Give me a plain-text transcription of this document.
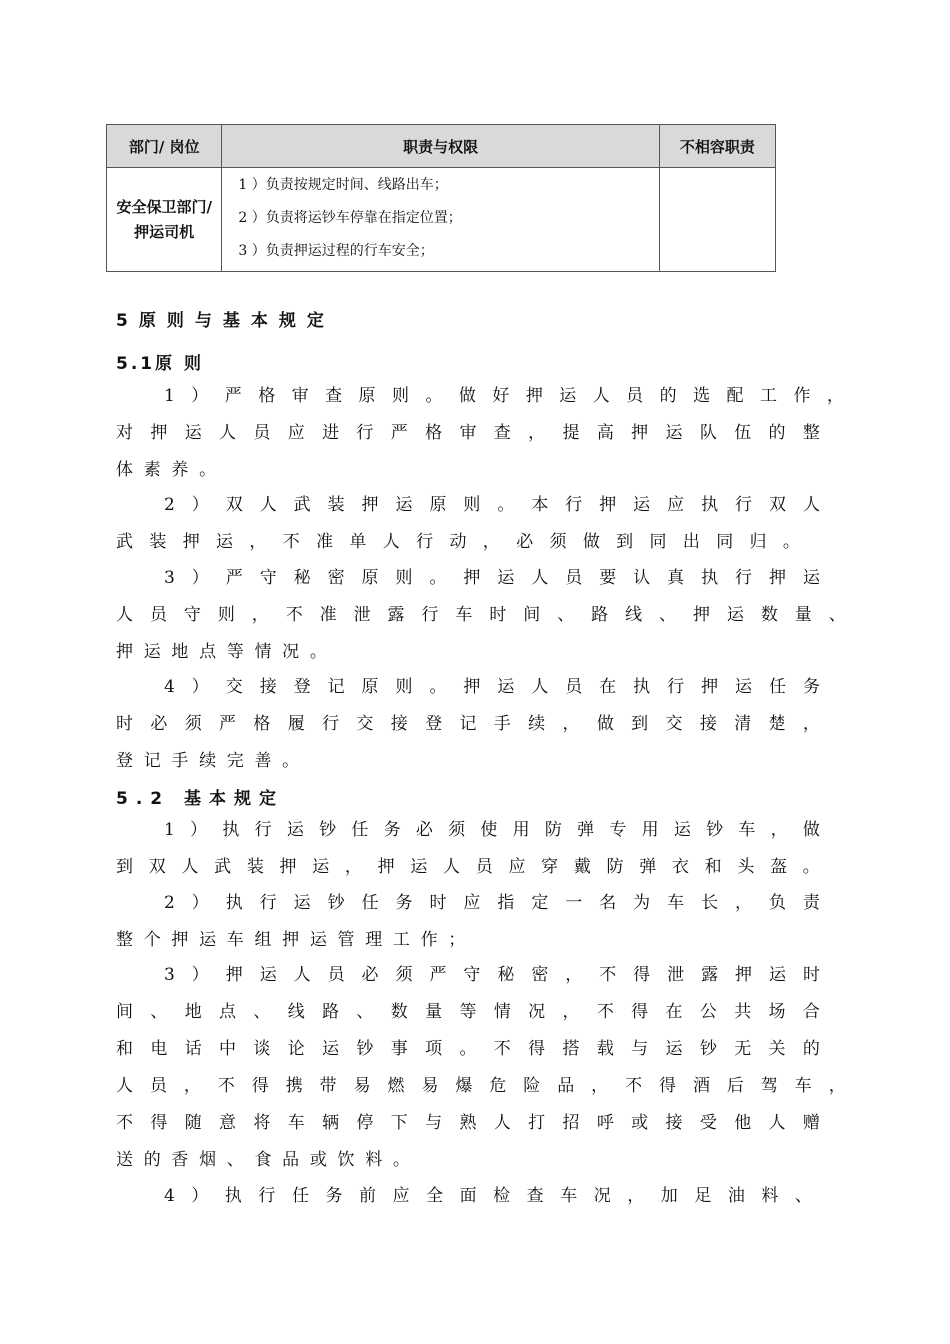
部门/ 岗位	职责与权限	不相容职责
安全保卫部门/ 押运司机	1 ）负责按规定时间、线路出车；
2 ）负责将运钞车停靠在指定位置；
3 ）负责押运过程的行车安全；	

5原则与基本规定
5.1原 则
1 ） 严 格 审 查 原 则 。 做 好 押 运 人 员 的 选 配 工 作 ，
对 押 运 人 员 应 进 行 严 格 审 查 ， 提 高 押 运 队 伍 的 整
体 素 养 。
2 ） 双 人 武 装 押 运 原 则 。 本 行 押 运 应 执 行 双 人
武 装 押 运 ， 不 准 单 人 行 动 ， 必 须 做 到 同 出 同 归 。
3 ） 严 守 秘 密 原 则 。 押 运 人 员 要 认 真 执 行 押 运
人 员 守 则 ， 不 准 泄 露 行 车 时 间 、 路 线 、 押 运 数 量 、
押 运 地 点 等 情 况 。
4 ） 交 接 登 记 原 则 。 押 运 人 员 在 执 行 押 运 任 务
时 必 须 严 格 履 行 交 接 登 记 手 续 ， 做 到 交 接 清 楚 ，
登 记 手 续 完 善 。
5.2 基本规定
1 ） 执 行 运 钞 任 务 必 须 使 用 防 弹 专 用 运 钞 车 ， 做
到 双 人 武 装 押 运 ， 押 运 人 员 应 穿 戴 防 弹 衣 和 头 盔 。
2 ） 执 行 运 钞 任 务 时 应 指 定 一 名 为 车 长 ， 负 责
整 个 押 运 车 组 押 运 管 理 工 作 ；
3 ） 押 运 人 员 必 须 严 守 秘 密 ， 不 得 泄 露 押 运 时
间 、 地 点 、 线 路 、 数 量 等 情 况 ， 不 得 在 公 共 场 合
和 电 话 中 谈 论 运 钞 事 项 。 不 得 搭 载 与 运 钞 无 关 的
人 员 ， 不 得 携 带 易 燃 易 爆 危 险 品 ， 不 得 酒 后 驾 车 ，
不 得 随 意 将 车 辆 停 下 与 熟 人 打 招 呼 或 接 受 他 人 赠
送 的 香 烟 、 食 品 或 饮 料 。
4 ） 执 行 任 务 前 应 全 面 检 查 车 况 ， 加 足 油 料 、
